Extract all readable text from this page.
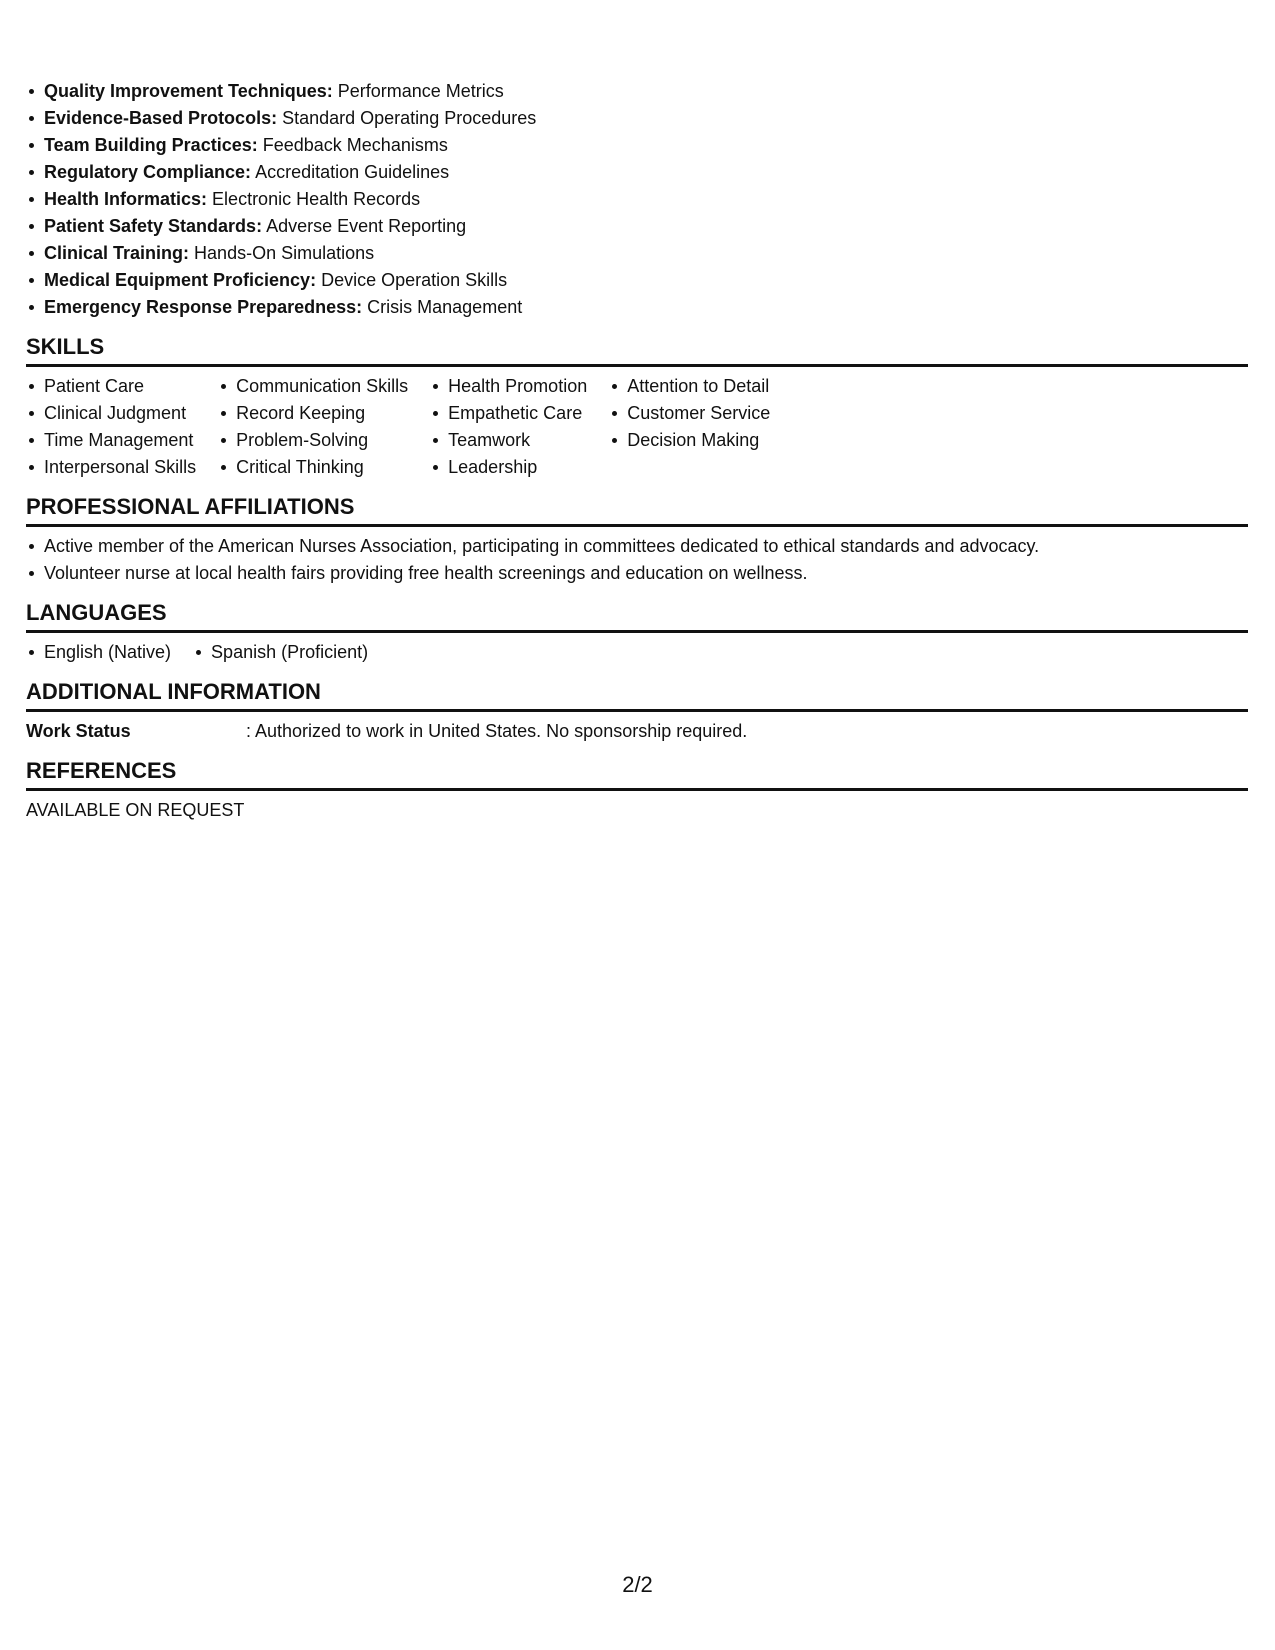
Quality Improvement Techniques: Performance Metrics
Evidence-Based Protocols: Standard Operating Procedures
Team Building Practices: Feedback Mechanisms
Regulatory Compliance: Accreditation Guidelines
Health Informatics: Electronic Health Records
Patient Safety Standards: Adverse Event Reporting
Clinical Training: Hands-On Simulations
Medical Equipment Proficiency: Device Operation Skills
Emergency Response Preparedness: Crisis Management
SKILLS
Patient Care
Clinical Judgment
Time Management
Interpersonal Skills
Communication Skills
Record Keeping
Problem-Solving
Critical Thinking
Health Promotion
Empathetic Care
Teamwork
Leadership
Attention to Detail
Customer Service
Decision Making
PROFESSIONAL AFFILIATIONS
Active member of the American Nurses Association, participating in committees dedicated to ethical standards and advocacy.
Volunteer nurse at local health fairs providing free health screenings and education on wellness.
LANGUAGES
English (Native)	Spanish (Proficient)
ADDITIONAL INFORMATION
Work Status	: Authorized to work in United States. No sponsorship required.
REFERENCES
AVAILABLE ON REQUEST
2/2
